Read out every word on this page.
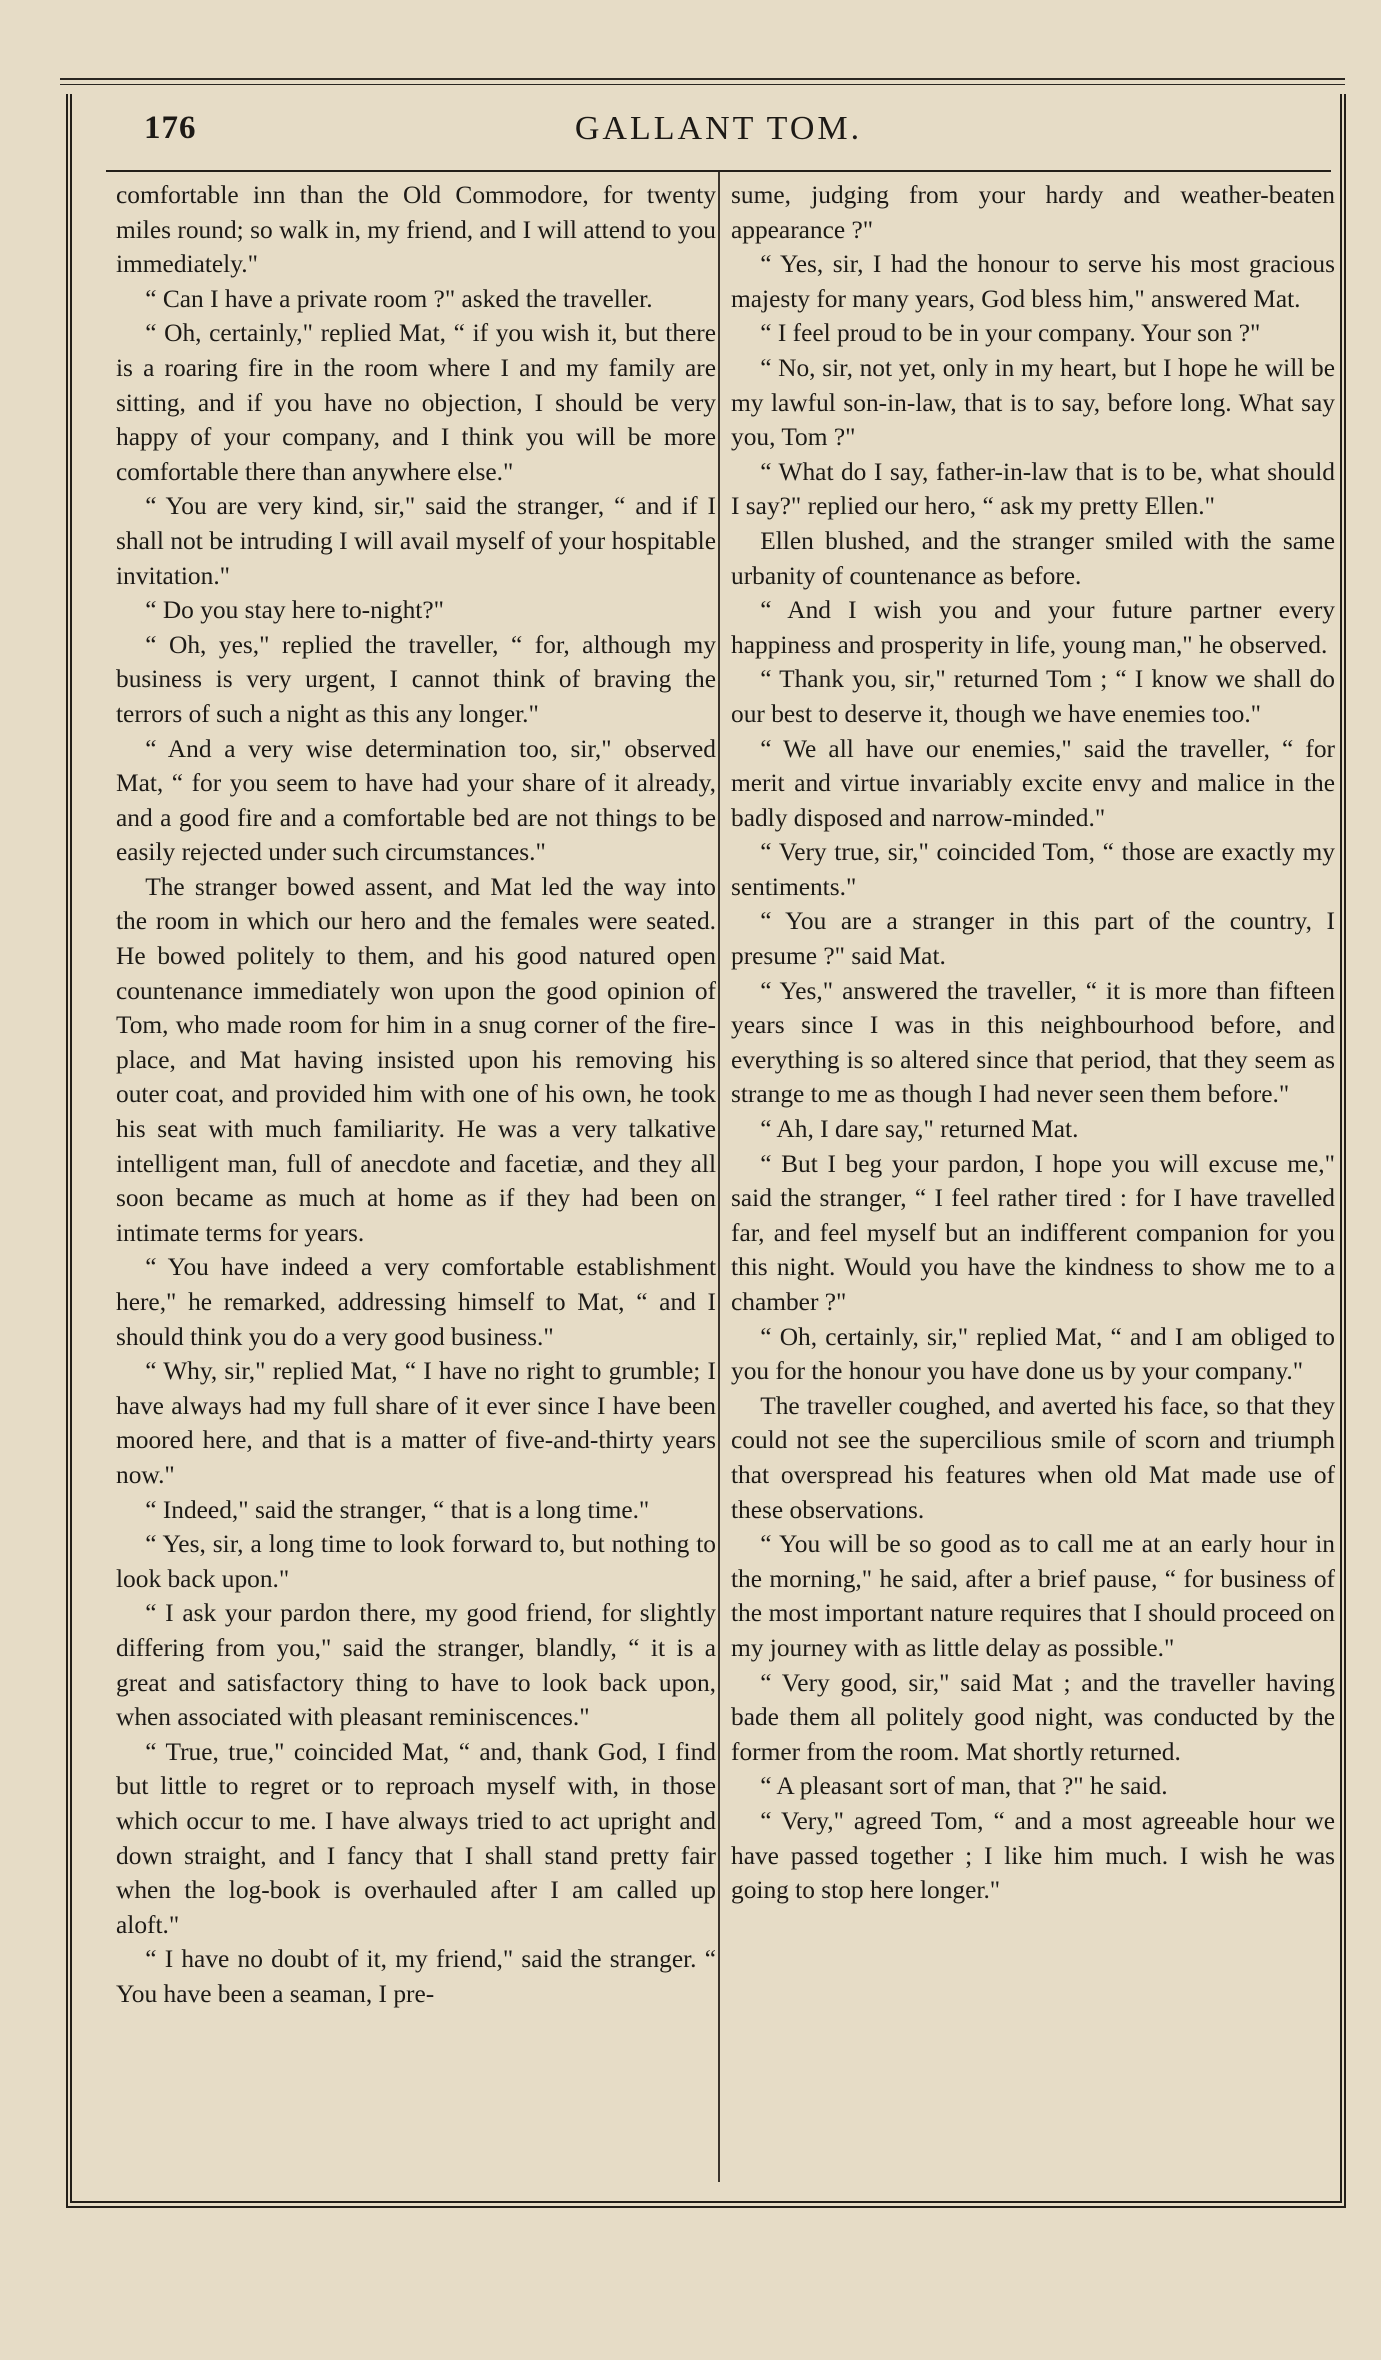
176	GALLANT TOM.

comfortable inn than the Old Commodore, for twenty miles round; so walk in, my friend, and I will attend to you immediately."

“ Can I have a private room ?" asked the traveller.

“ Oh, certainly," replied Mat, “ if you wish it, but there is a roaring fire in the room where I and my family are sitting, and if you have no objection, I should be very happy of your company, and I think you will be more comfortable there than anywhere else."

“ You are very kind, sir," said the stranger, “ and if I shall not be intruding I will avail myself of your hospitable invitation."

“ Do you stay here to-night?"

“ Oh, yes," replied the traveller, “ for, although my business is very urgent, I cannot think of braving the terrors of such a night as this any longer."

“ And a very wise determination too, sir," observed Mat, “ for you seem to have had your share of it already, and a good fire and a comfortable bed are not things to be easily rejected under such circumstances."

The stranger bowed assent, and Mat led the way into the room in which our hero and the females were seated. He bowed politely to them, and his good natured open countenance immediately won upon the good opinion of Tom, who made room for him in a snug corner of the fire-place, and Mat having insisted upon his removing his outer coat, and provided him with one of his own, he took his seat with much familiarity. He was a very talkative intelligent man, full of anecdote and facetiæ, and they all soon became as much at home as if they had been on intimate terms for years.

“ You have indeed a very comfortable establishment here," he remarked, addressing himself to Mat, “ and I should think you do a very good business."

“ Why, sir," replied Mat, “ I have no right to grumble; I have always had my full share of it ever since I have been moored here, and that is a matter of five-and-thirty years now."

“ Indeed," said the stranger, “ that is a long time."

“ Yes, sir, a long time to look forward to, but nothing to look back upon."

“ I ask your pardon there, my good friend, for slightly differing from you," said the stranger, blandly, “ it is a great and satisfactory thing to have to look back upon, when associated with pleasant reminiscences."

“ True, true," coincided Mat, “ and, thank God, I find but little to regret or to reproach myself with, in those which occur to me. I have always tried to act upright and down straight, and I fancy that I shall stand pretty fair when the log-book is overhauled after I am called up aloft."

“ I have no doubt of it, my friend," said the stranger. “ You have been a seaman, I pre-

sume, judging from your hardy and weather-beaten appearance ?"

“ Yes, sir, I had the honour to serve his most gracious majesty for many years, God bless him," answered Mat.

“ I feel proud to be in your company. Your son ?"

“ No, sir, not yet, only in my heart, but I hope he will be my lawful son-in-law, that is to say, before long. What say you, Tom ?"

“ What do I say, father-in-law that is to be, what should I say?" replied our hero, “ ask my pretty Ellen."

Ellen blushed, and the stranger smiled with the same urbanity of countenance as before.

“ And I wish you and your future partner every happiness and prosperity in life, young man," he observed.

“ Thank you, sir," returned Tom ; “ I know we shall do our best to deserve it, though we have enemies too."

“ We all have our enemies," said the traveller, “ for merit and virtue invariably excite envy and malice in the badly disposed and narrow-minded."

“ Very true, sir," coincided Tom, “ those are exactly my sentiments."

“ You are a stranger in this part of the country, I presume ?" said Mat.

“ Yes," answered the traveller, “ it is more than fifteen years since I was in this neighbourhood before, and everything is so altered since that period, that they seem as strange to me as though I had never seen them before."

“ Ah, I dare say," returned Mat.

“ But I beg your pardon, I hope you will excuse me," said the stranger, “ I feel rather tired : for I have travelled far, and feel myself but an indifferent companion for you this night. Would you have the kindness to show me to a chamber ?"

“ Oh, certainly, sir," replied Mat, “ and I am obliged to you for the honour you have done us by your company."

The traveller coughed, and averted his face, so that they could not see the supercilious smile of scorn and triumph that overspread his features when old Mat made use of these observations.

“ You will be so good as to call me at an early hour in the morning," he said, after a brief pause, “ for business of the most important nature requires that I should proceed on my journey with as little delay as possible."

“ Very good, sir," said Mat ; and the traveller having bade them all politely good night, was conducted by the former from the room. Mat shortly returned.

“ A pleasant sort of man, that ?" he said.

“ Very," agreed Tom, “ and a most agreeable hour we have passed together ; I like him much. I wish he was going to stop here longer."
